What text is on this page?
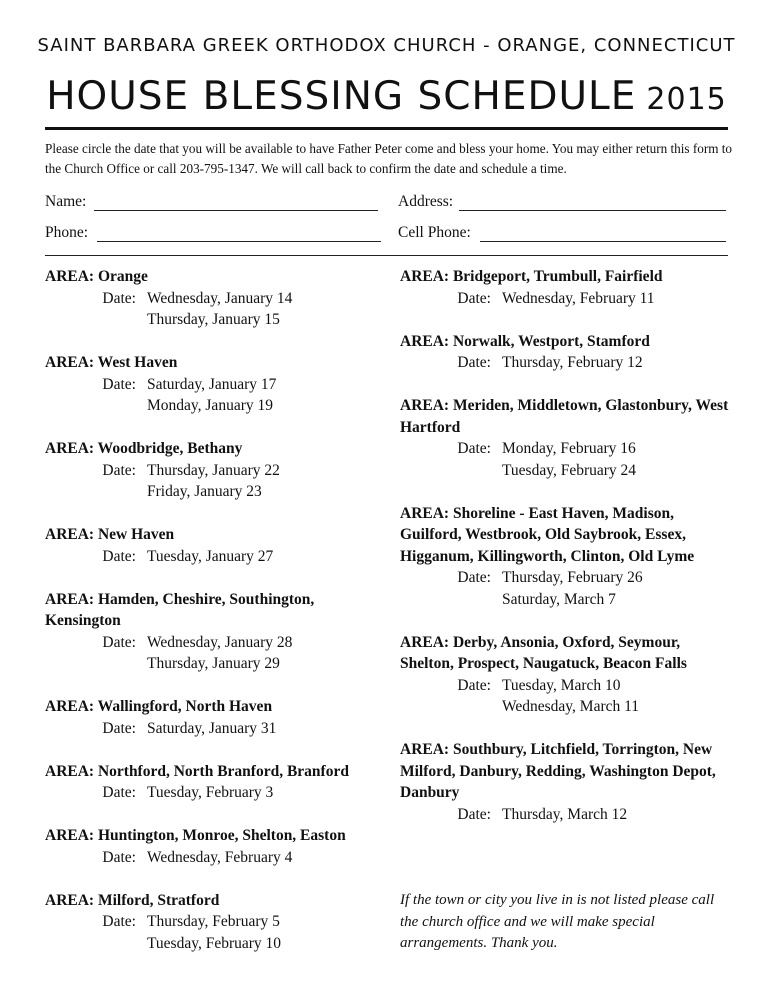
SAINT BARBARA GREEK ORTHODOX CHURCH - ORANGE, CONNECTICUT
HOUSE BLESSING SCHEDULE 2015
Please circle the date that you will be available to have Father Peter come and bless your home. You may either return this form to the Church Office or call 203-795-1347. We will call back to confirm the date and schedule a time.
Name:	Address:
Phone:	Cell Phone:
AREA: Orange
Date: Wednesday, January 14
Thursday, January 15
AREA: West Haven
Date: Saturday, January 17
Monday, January 19
AREA: Woodbridge, Bethany
Date: Thursday, January 22
Friday, January 23
AREA: New Haven
Date: Tuesday, January 27
AREA: Hamden, Cheshire, Southington, Kensington
Date: Wednesday, January 28
Thursday, January 29
AREA: Wallingford, North Haven
Date: Saturday, January 31
AREA: Northford, North Branford, Branford
Date: Tuesday, February 3
AREA: Huntington, Monroe, Shelton, Easton
Date: Wednesday, February 4
AREA: Milford, Stratford
Date: Thursday, February 5
Tuesday, February 10
AREA: Bridgeport, Trumbull, Fairfield
Date: Wednesday, February 11
AREA: Norwalk, Westport, Stamford
Date: Thursday, February 12
AREA: Meriden, Middletown, Glastonbury, West Hartford
Date: Monday, February 16
Tuesday, February 24
AREA: Shoreline - East Haven, Madison, Guilford, Westbrook, Old Saybrook, Essex, Higganum, Killingworth, Clinton, Old Lyme
Date: Thursday, February 26
Saturday, March 7
AREA: Derby, Ansonia, Oxford, Seymour, Shelton, Prospect, Naugatuck, Beacon Falls
Date: Tuesday, March 10
Wednesday, March 11
AREA: Southbury, Litchfield, Torrington, New Milford, Danbury, Redding, Washington Depot, Danbury
Date: Thursday, March 12
If the town or city you live in is not listed please call the church office and we will make special arrangements. Thank you.
